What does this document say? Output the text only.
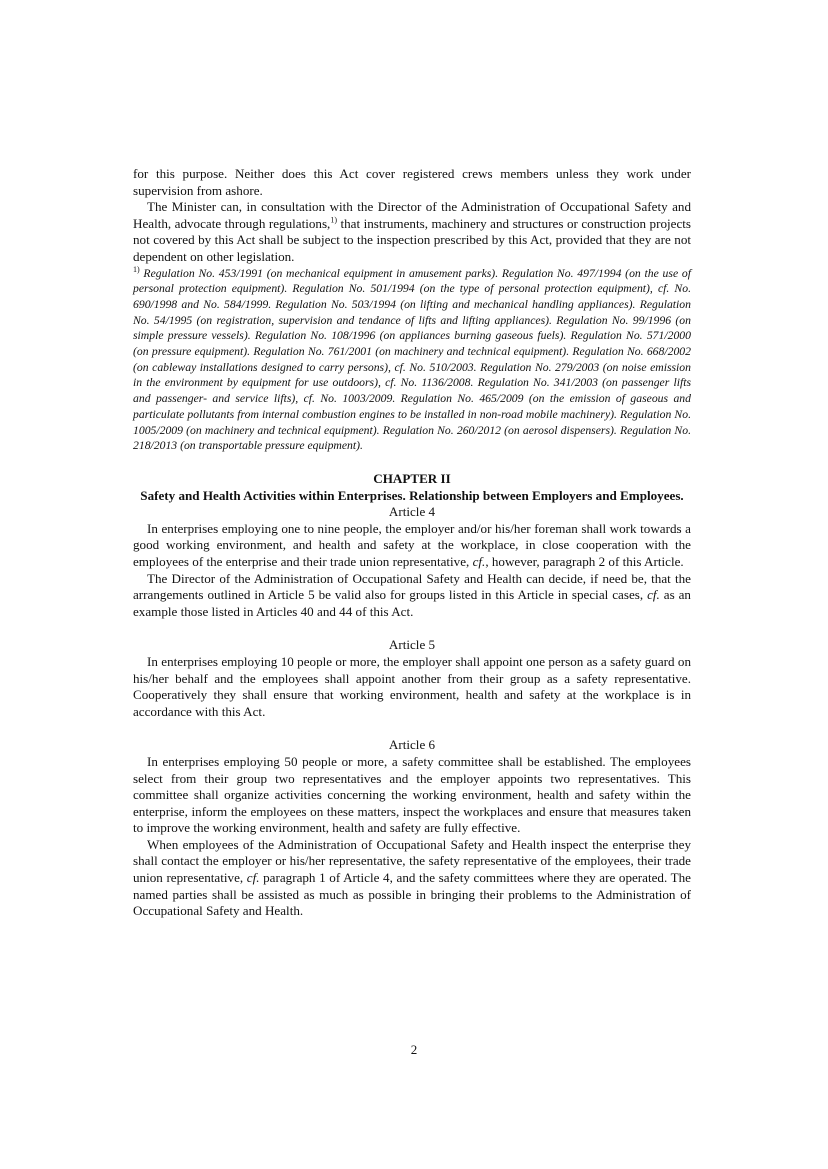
for this purpose. Neither does this Act cover registered crews members unless they work under supervision from ashore.

The Minister can, in consultation with the Director of the Administration of Occupational Safety and Health, advocate through regulations,$^{1)}$ that instruments, machinery and structures or construction projects not covered by this Act shall be subject to the inspection prescribed by this Act, provided that they are not dependent on other legislation.

$^{1)}$ Regulation No. 453/1991 (on mechanical equipment in amusement parks). Regulation No. 497/1994 (on the use of personal protection equipment). Regulation No. 501/1994 (on the type of personal protection equipment), cf. No. 690/1998 and No. 584/1999. Regulation No. 503/1994 (on lifting and mechanical handling appliances). Regulation No. 54/1995 (on registration, supervision and tendance of lifts and lifting appliances). Regulation No. 99/1996 (on simple pressure vessels). Regulation No. 108/1996 (on appliances burning gaseous fuels). Regulation No. 571/2000 (on pressure equipment). Regulation No. 761/2001 (on machinery and technical equipment). Regulation No. 668/2002 (on cableway installations designed to carry persons), cf. No. 510/2003. Regulation No. 279/2003 (on noise emission in the environment by equipment for use outdoors), cf. No. 1136/2008. Regulation No. 341/2003 (on passenger lifts and passenger- and service lifts), cf. No. 1003/2009. Regulation No. 465/2009 (on the emission of gaseous and particulate pollutants from internal combustion engines to be installed in non-road mobile machinery). Regulation No. 1005/2009 (on machinery and technical equipment). Regulation No. 260/2012 (on aerosol dispensers). Regulation No. 218/2013 (on transportable pressure equipment).

CHAPTER II

Safety and Health Activities within Enterprises. Relationship between Employers and Employees.

Article 4

In enterprises employing one to nine people, the employer and/or his/her foreman shall work towards a good working environment, and health and safety at the workplace, in close cooperation with the employees of the enterprise and their trade union representative, cf., however, paragraph 2 of this Article.

The Director of the Administration of Occupational Safety and Health can decide, if need be, that the arrangements outlined in Article 5 be valid also for groups listed in this Article in special cases, cf. as an example those listed in Articles 40 and 44 of this Act.

Article 5

In enterprises employing 10 people or more, the employer shall appoint one person as a safety guard on his/her behalf and the employees shall appoint another from their group as a safety representative. Cooperatively they shall ensure that working environment, health and safety at the workplace is in accordance with this Act.

Article 6

In enterprises employing 50 people or more, a safety committee shall be established. The employees select from their group two representatives and the employer appoints two representatives. This committee shall organize activities concerning the working environment, health and safety within the enterprise, inform the employees on these matters, inspect the workplaces and ensure that measures taken to improve the working environment, health and safety are fully effective.

When employees of the Administration of Occupational Safety and Health inspect the enterprise they shall contact the employer or his/her representative, the safety representative of the employees, their trade union representative, cf. paragraph 1 of Article 4, and the safety committees where they are operated. The named parties shall be assisted as much as possible in bringing their problems to the Administration of Occupational Safety and Health.

2
